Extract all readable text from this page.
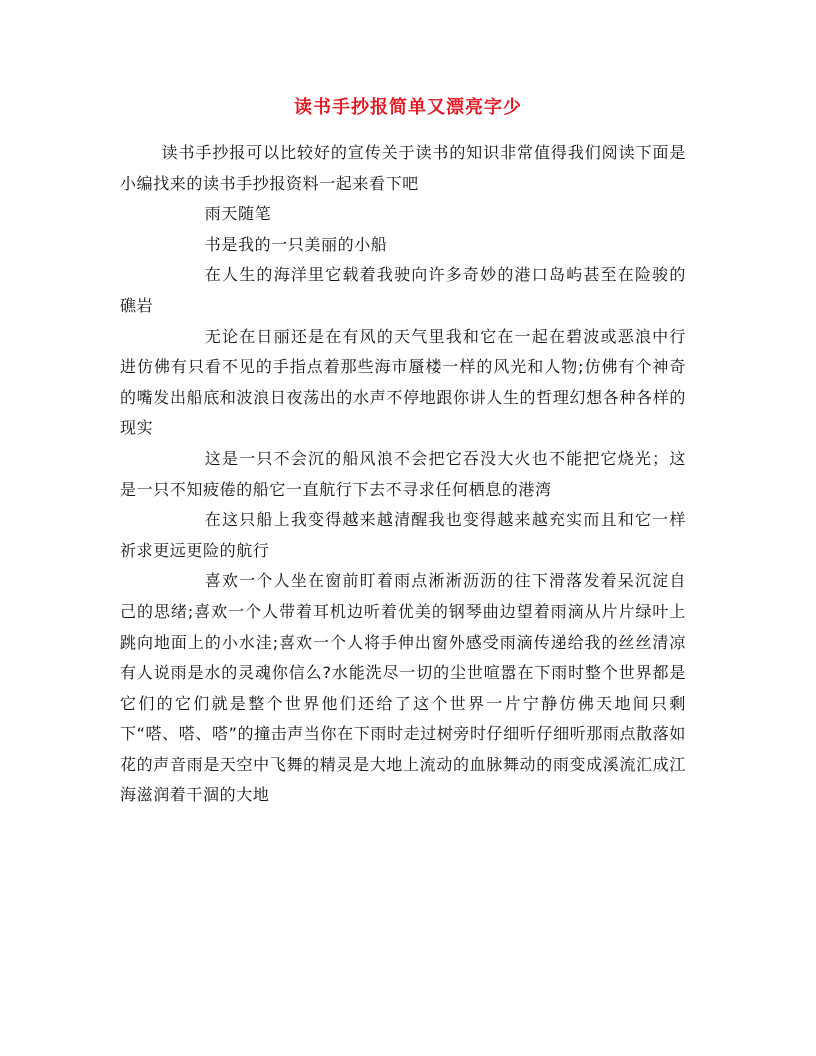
读书手抄报简单又漂亮字少

读书手抄报可以比较好的宣传关于读书的知识非常值得我们阅读下面是小编找来的读书手抄报资料一起来看下吧

雨天随笔

书是我的一只美丽的小船

在人生的海洋里它载着我驶向许多奇妙的港口岛屿甚至在险骏的礁岩

无论在日丽还是在有风的天气里我和它在一起在碧波或恶浪中行进仿佛有只看不见的手指点着那些海市蜃楼一样的风光和人物;仿佛有个神奇的嘴发出船底和波浪日夜荡出的水声不停地跟你讲人生的哲理幻想各种各样的现实

这是一只不会沉的船风浪不会把它吞没大火也不能把它烧光；这是一只不知疲倦的船它一直航行下去不寻求任何栖息的港湾

在这只船上我变得越来越清醒我也变得越来越充实而且和它一样祈求更远更险的航行

喜欢一个人坐在窗前盯着雨点淅淅沥沥的往下滑落发着呆沉淀自己的思绪;喜欢一个人带着耳机边听着优美的钢琴曲边望着雨滴从片片绿叶上跳向地面上的小水洼;喜欢一个人将手伸出窗外感受雨滴传递给我的丝丝清凉有人说雨是水的灵魂你信么?水能洗尽一切的尘世喧嚣在下雨时整个世界都是它们的它们就是整个世界他们还给了这个世界一片宁静仿佛天地间只剩下“嗒、嗒、嗒”的撞击声当你在下雨时走过树旁时仔细听仔细听那雨点散落如花的声音雨是天空中飞舞的精灵是大地上流动的血脉舞动的雨变成溪流汇成江海滋润着干涸的大地
